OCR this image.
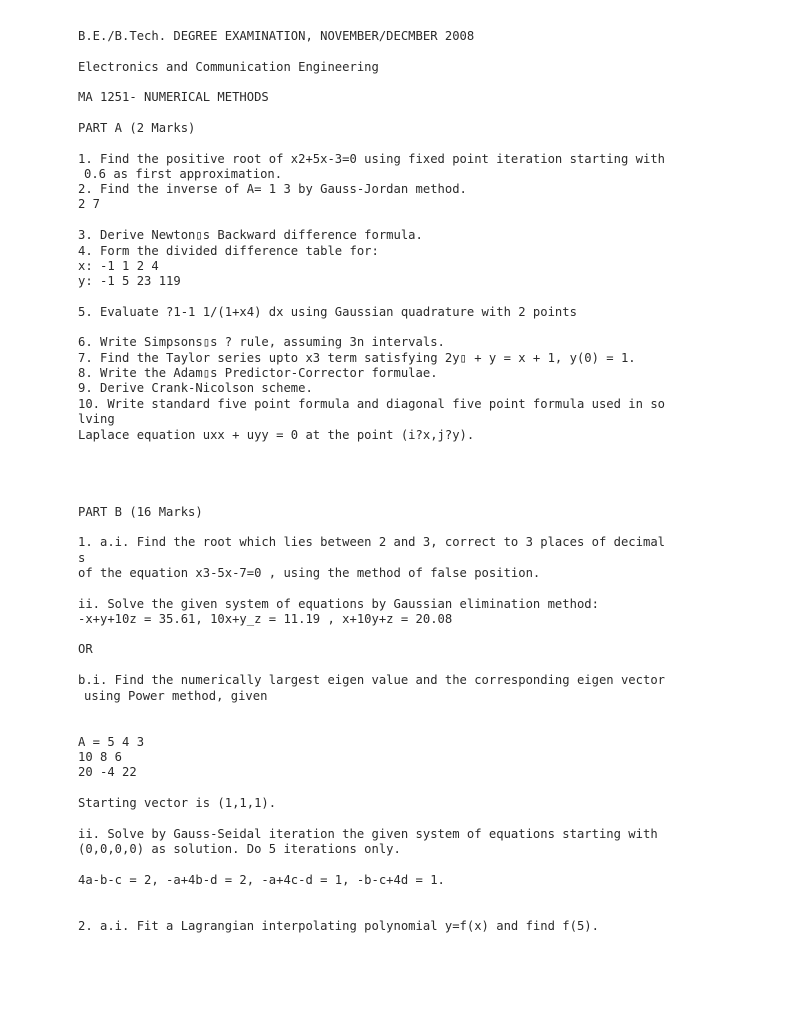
B.E./B.Tech. DEGREE EXAMINATION, NOVEMBER/DECMBER 2008

Electronics and Communication Engineering

MA 1251- NUMERICAL METHODS

PART A (2 Marks)

1. Find the positive root of x2+5x-3=0 using fixed point iteration starting with

0.6 as first approximation.

2. Find the inverse of A= 1 3 by Gauss-Jordan method.

2 7

3. Derive Newton▯s Backward difference formula.

4. Form the divided difference table for:

x: -1 1 2 4

y: -1 5 23 119

5. Evaluate ?1-1 1/(1+x4) dx using Gaussian quadrature with 2 points

6. Write Simpsons▯s ? rule, assuming 3n intervals.

7. Find the Taylor series upto x3 term satisfying 2y▯ + y = x + 1, y(0) = 1.

8. Write the Adam▯s Predictor-Corrector formulae.

9. Derive Crank-Nicolson scheme.

10. Write standard five point formula and diagonal five point formula used in so

lving

Laplace equation uxx + uyy = 0 at the point (i?x,j?y).

PART B (16 Marks)

1. a.i. Find the root which lies between 2 and 3, correct to 3 places of decimal

s

of the equation x3-5x-7=0 , using the method of false position.

ii. Solve the given system of equations by Gaussian elimination method:

-x+y+10z = 35.61, 10x+y_z = 11.19 , x+10y+z = 20.08

OR

b.i. Find the numerically largest eigen value and the corresponding eigen vector

using Power method, given

A = 5 4 3

10 8 6

20 -4 22

Starting vector is (1,1,1).

ii. Solve by Gauss-Seidal iteration the given system of equations starting with

(0,0,0,0) as solution. Do 5 iterations only.

4a-b-c = 2, -a+4b-d = 2, -a+4c-d = 1, -b-c+4d = 1.

2. a.i. Fit a Lagrangian interpolating polynomial y=f(x) and find f(5).
